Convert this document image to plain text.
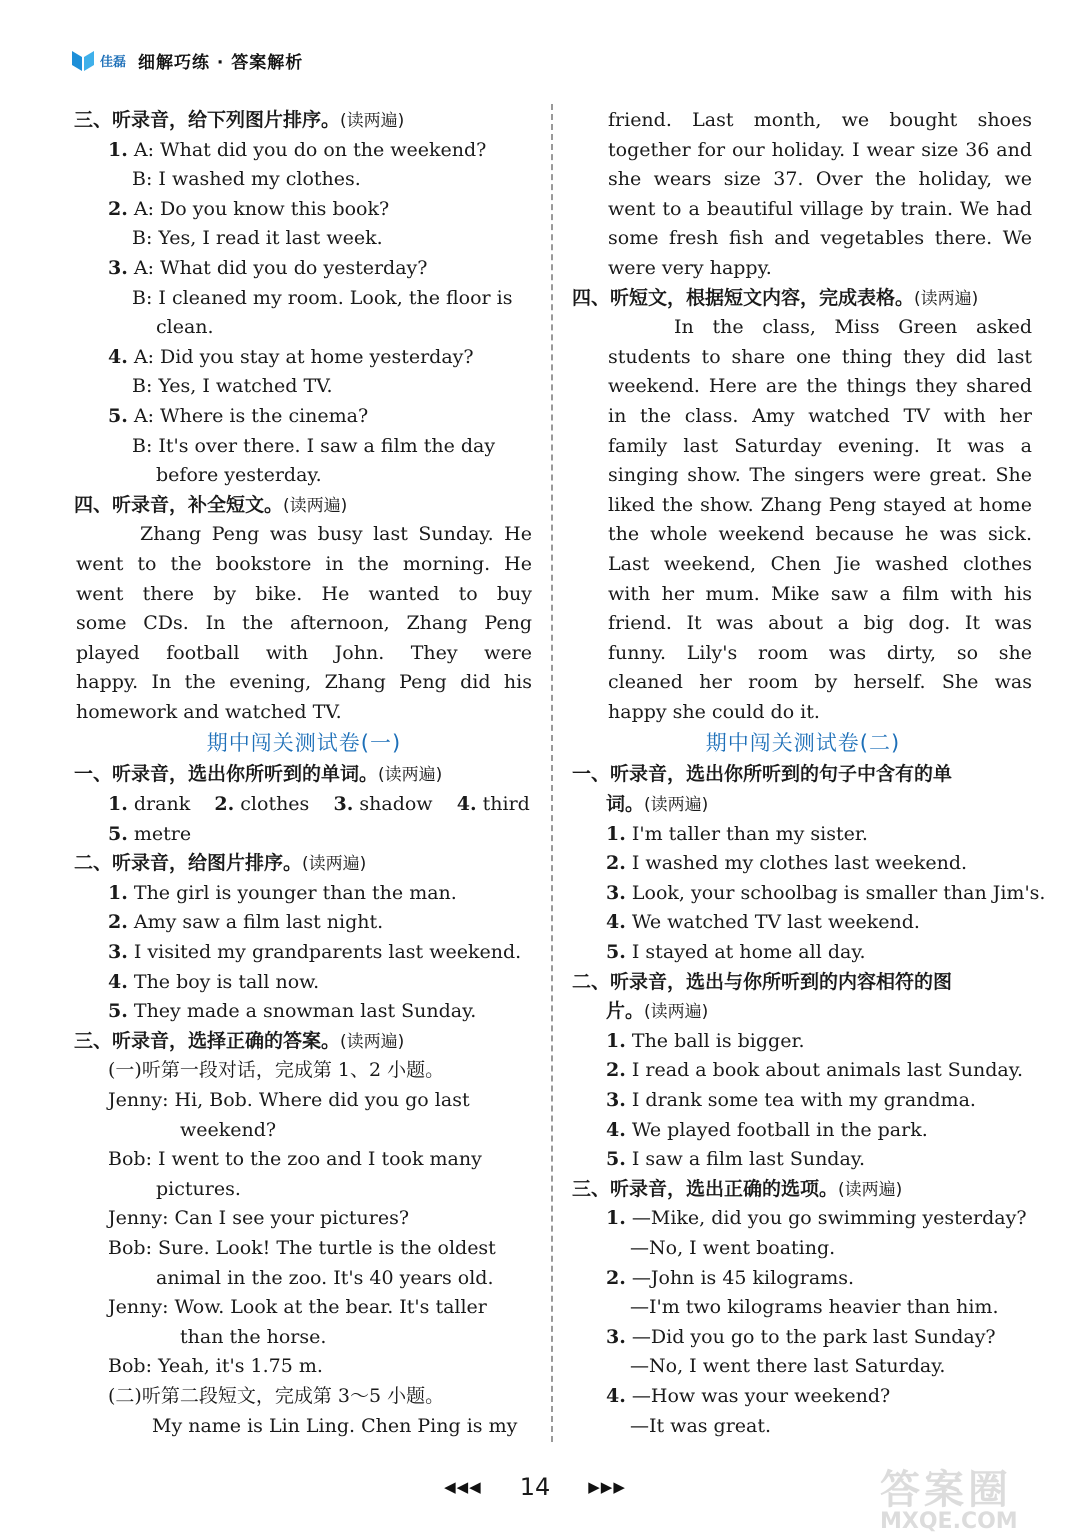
佳磊 细解巧练 · 答案解析
三、听录音，给下列图片排序。(读两遍)
1. A: What did you do on the weekend?
B: I washed my clothes.
2. A: Do you know this book?
B: Yes, I read it last week.
3. A: What did you do yesterday?
B: I cleaned my room. Look, the floor is
clean.
4. A: Did you stay at home yesterday?
B: Yes, I watched TV.
5. A: Where is the cinema?
B: It's over there. I saw a film the day
before yesterday.
四、听录音，补全短文。(读两遍)
Zhang Peng was busy last Sunday. He
went to the bookstore in the morning. He
went there by bike. He wanted to buy
some CDs. In the afternoon, Zhang Peng
played football with John. They were
happy. In the evening, Zhang Peng did his
homework and watched TV.
期中闯关测试卷(一)
一、听录音，选出你所听到的单词。(读两遍)
1. drank 2. clothes 3. shadow 4. third
5. metre
二、听录音，给图片排序。(读两遍)
1. The girl is younger than the man.
2. Amy saw a film last night.
3. I visited my grandparents last weekend.
4. The boy is tall now.
5. They made a snowman last Sunday.
三、听录音，选择正确的答案。(读两遍)
(一)听第一段对话，完成第 1、2 小题。
Jenny: Hi, Bob. Where did you go last
weekend?
Bob: I went to the zoo and I took many
pictures.
Jenny: Can I see your pictures?
Bob: Sure. Look! The turtle is the oldest
animal in the zoo. It's 40 years old.
Jenny: Wow. Look at the bear. It's taller
than the horse.
Bob: Yeah, it's 1.75 m.
(二)听第二段短文，完成第 3～5 小题。
My name is Lin Ling. Chen Ping is my
friend. Last month, we bought shoes
together for our holiday. I wear size 36 and
she wears size 37. Over the holiday, we
went to a beautiful village by train. We had
some fresh fish and vegetables there. We
were very happy.
四、听短文，根据短文内容，完成表格。(读两遍)
In the class, Miss Green asked
students to share one thing they did last
weekend. Here are the things they shared
in the class. Amy watched TV with her
family last Saturday evening. It was a
singing show. The singers were great. She
liked the show. Zhang Peng stayed at home
the whole weekend because he was sick.
Last weekend, Chen Jie washed clothes
with her mum. Mike saw a film with his
friend. It was about a big dog. It was
funny. Lily's room was dirty, so she
cleaned her room by herself. She was
happy she could do it.
期中闯关测试卷(二)
一、听录音，选出你所听到的句子中含有的单
词。(读两遍)
1. I'm taller than my sister.
2. I washed my clothes last weekend.
3. Look, your schoolbag is smaller than Jim's.
4. We watched TV last weekend.
5. I stayed at home all day.
二、听录音，选出与你所听到的内容相符的图
片。(读两遍)
1. The ball is bigger.
2. I read a book about animals last Sunday.
3. I drank some tea with my grandma.
4. We played football in the park.
5. I saw a film last Sunday.
三、听录音，选出正确的选项。(读两遍)
1. —Mike, did you go swimming yesterday?
—No, I went boating.
2. —John is 45 kilograms.
—I'm two kilograms heavier than him.
3. —Did you go to the park last Sunday?
—No, I went there last Saturday.
4. —How was your weekend?
—It was great.
◀◀◀ 14	▶▶▶	答案圈
MXQE.COM
